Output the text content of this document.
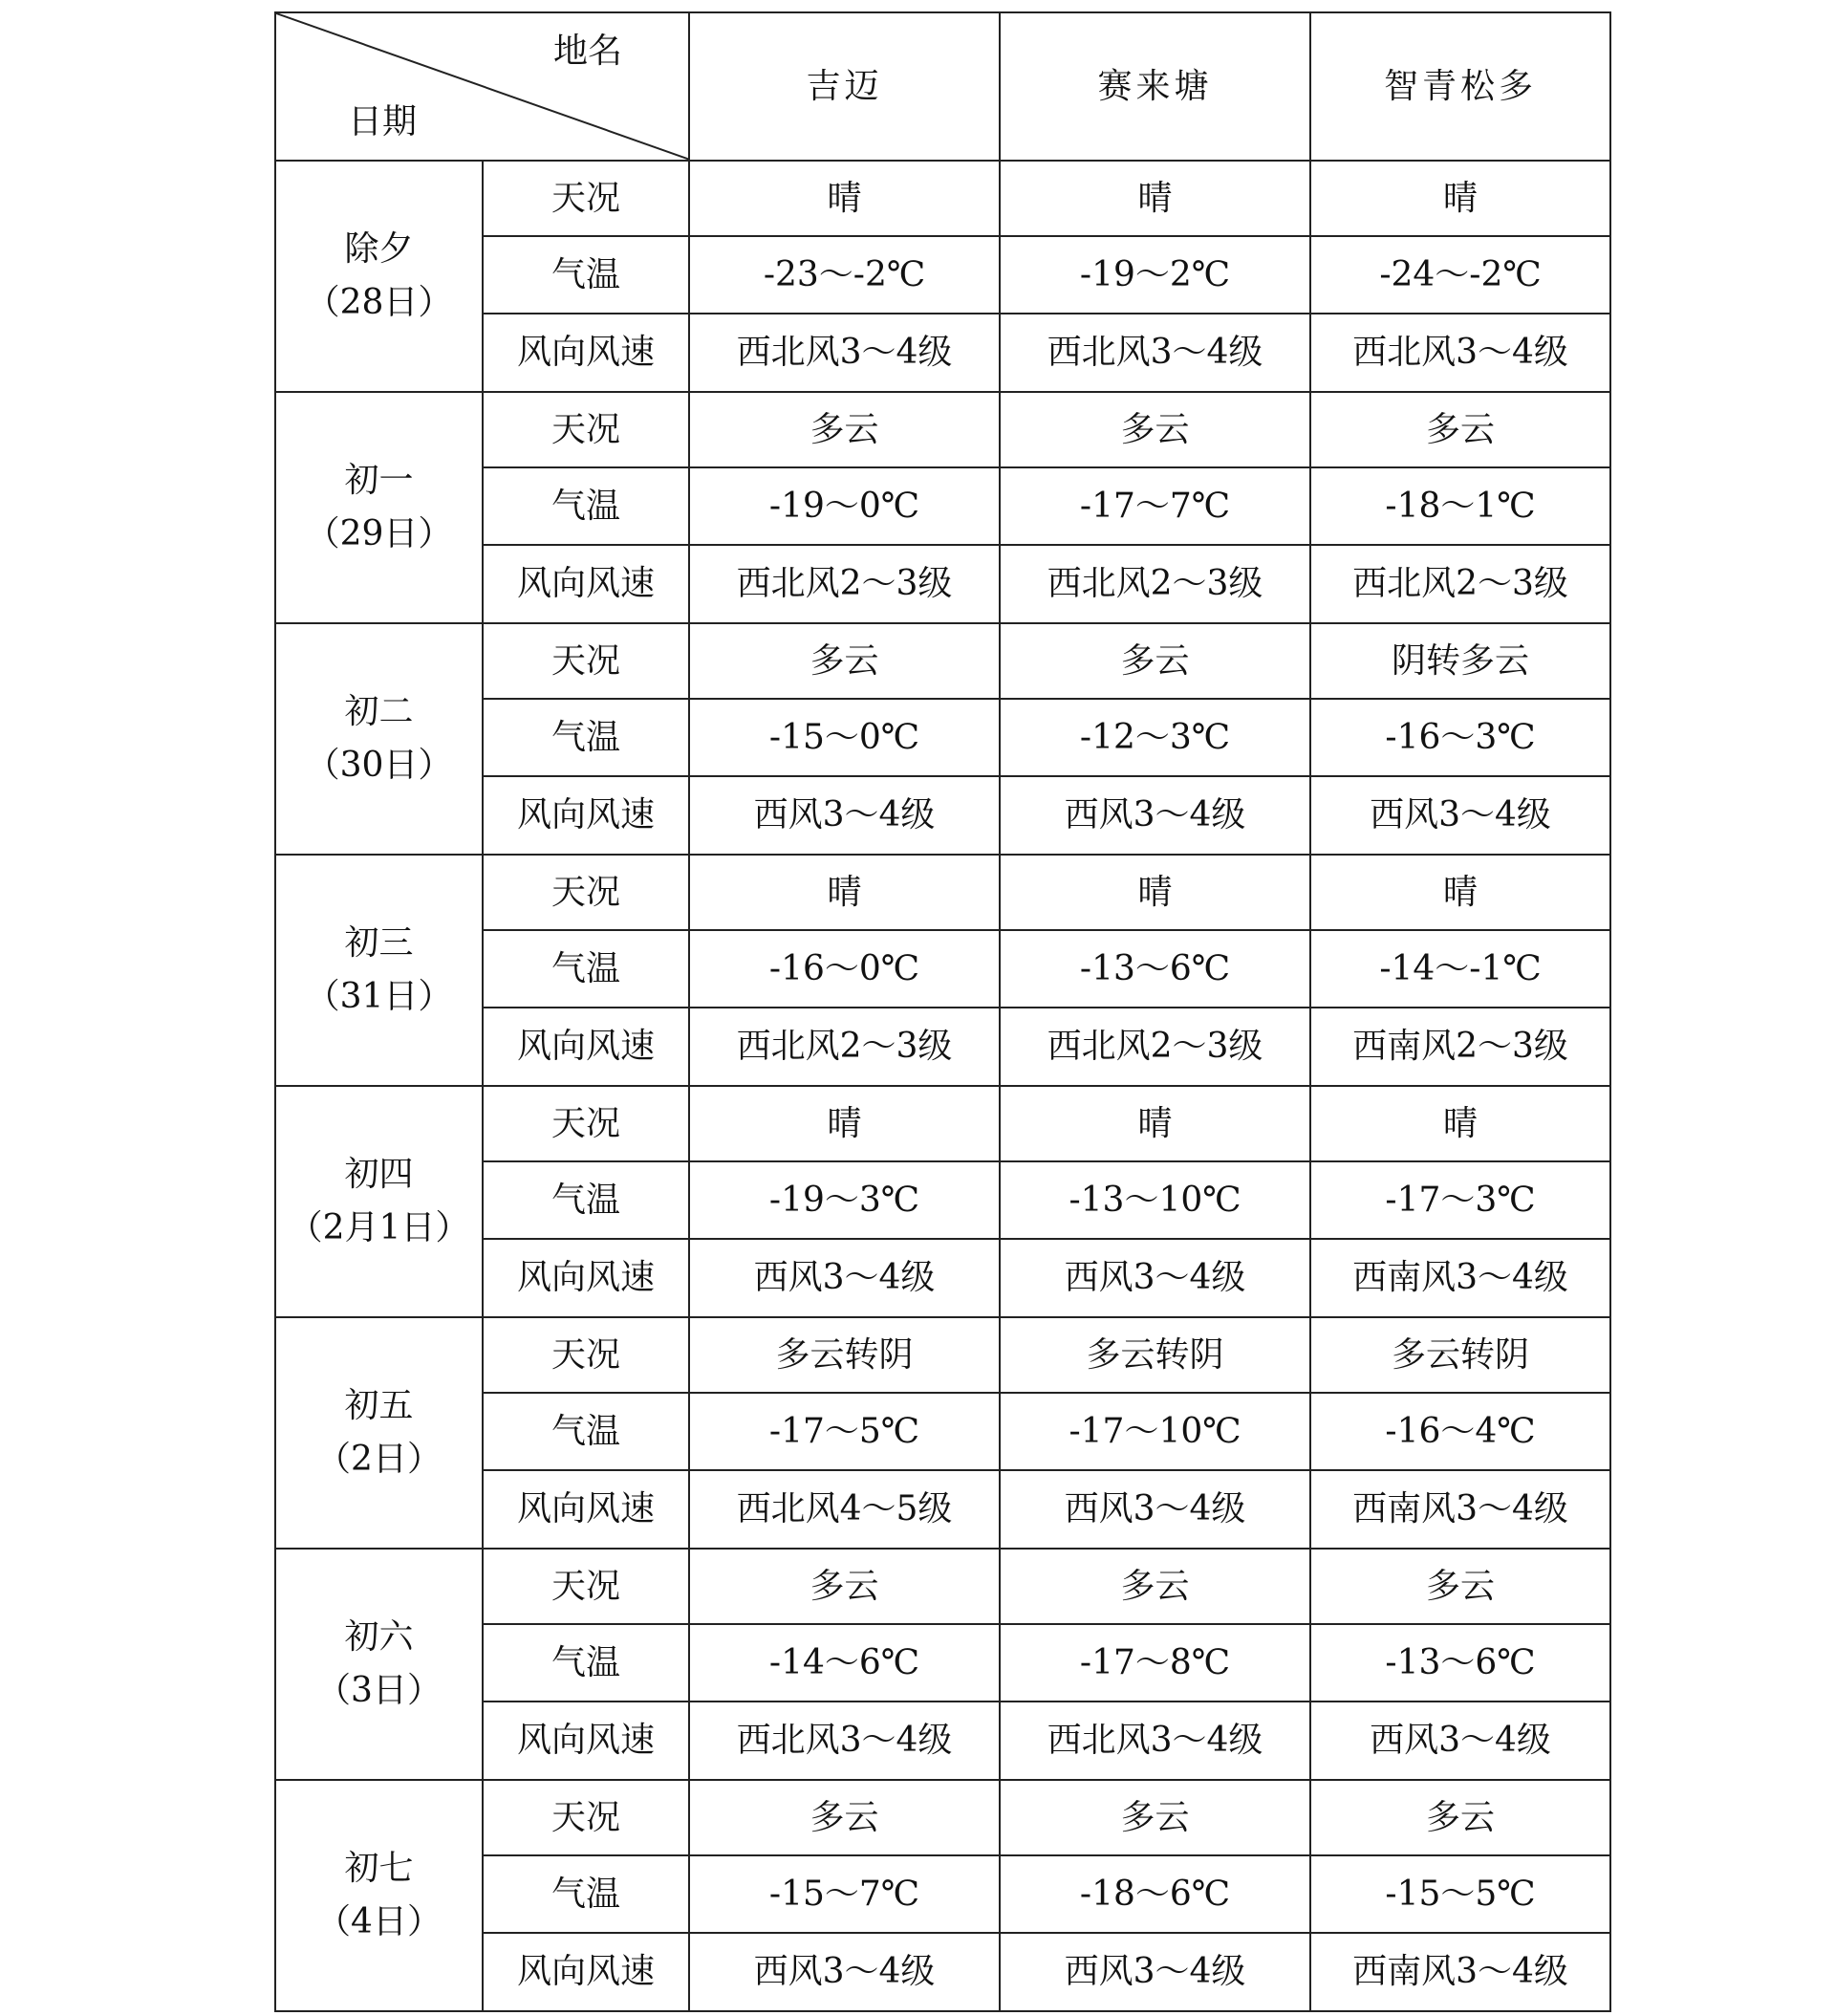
地名
日期		吉迈	赛来塘	智青松多

除夕
（28日）	天况	晴	晴	晴
	气温	-23～-2℃	-19～2℃	-24～-2℃
	风向风速	西北风3～4级	西北风3～4级	西北风3～4级

初一
（29日）	天况	多云	多云	多云
	气温	-19～0℃	-17～7℃	-18～1℃
	风向风速	西北风2～3级	西北风2～3级	西北风2～3级

初二
（30日）	天况	多云	多云	阴转多云
	气温	-15～0℃	-12～3℃	-16～3℃
	风向风速	西风3～4级	西风3～4级	西风3～4级

初三
（31日）	天况	晴	晴	晴
	气温	-16～0℃	-13～6℃	-14～-1℃
	风向风速	西北风2～3级	西北风2～3级	西南风2～3级

初四
（2月1日）	天况	晴	晴	晴
	气温	-19～3℃	-13～10℃	-17～3℃
	风向风速	西风3～4级	西风3～4级	西南风3～4级

初五
（2日）	天况	多云转阴	多云转阴	多云转阴
	气温	-17～5℃	-17～10℃	-16～4℃
	风向风速	西北风4～5级	西风3～4级	西南风3～4级

初六
（3日）	天况	多云	多云	多云
	气温	-14～6℃	-17～8℃	-13～6℃
	风向风速	西北风3～4级	西北风3～4级	西风3～4级

初七
（4日）	天况	多云	多云	多云
	气温	-15～7℃	-18～6℃	-15～5℃
	风向风速	西风3～4级	西风3～4级	西南风3～4级
